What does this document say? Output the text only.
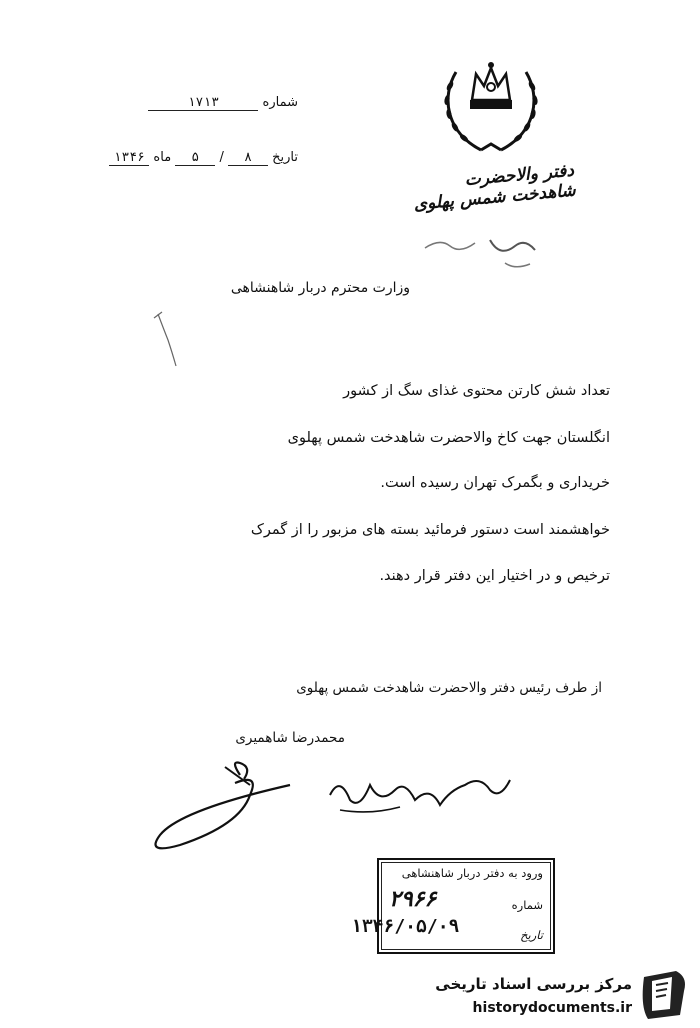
دفتر والاحضرت شاهدخت شمس پهلوی
شماره ۱۷۱۳
تاریخ ۸ / ۵ ماه ۱۳۴۶
وزارت محترم دربار شاهنشاهی
تعداد شش کارتن محتوی غذای سگ از کشور
انگلستان جهت کاخ والاحضرت شاهدخت شمس پهلوی
خریداری و بگمرک تهران رسیده است.
خواهشمند است دستور فرمائید بسته های مزبور را از گمرک
ترخیص و در اختیار این دفتر قرار دهند.
از طرف رئیس دفتر والاحضرت شاهدخت شمس پهلوی
محمدرضا شاهمیری
ورود به دفتر دربار شاهنشاهی
شماره
۲۹۶۶
تاریخ
۱۳۴۶/۰۵/۰۹
مرکز بررسی اسناد تاریخی
historydocuments.ir
